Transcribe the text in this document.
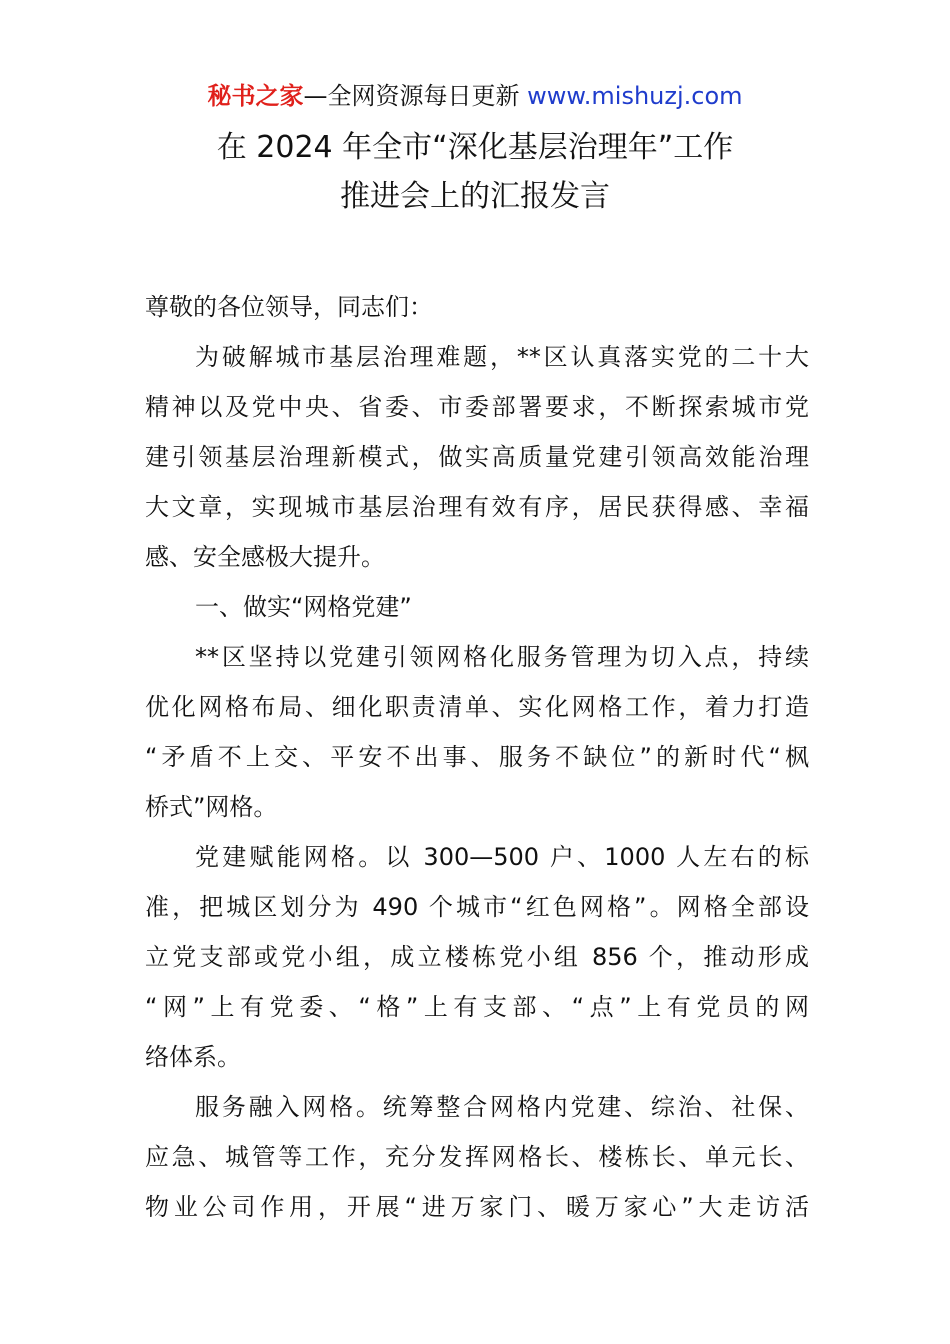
秘书之家—全网资源每日更新 www.mishuzj.com
在 2024 年全市“深化基层治理年”工作
推进会上的汇报发言
尊敬的各位领导，同志们：
为破解城市基层治理难题，**区认真落实党的二十大
精神以及党中央、省委、市委部署要求，不断探索城市党
建引领基层治理新模式，做实高质量党建引领高效能治理
大文章，实现城市基层治理有效有序，居民获得感、幸福
感、安全感极大提升。
一、做实“网格党建”
**区坚持以党建引领网格化服务管理为切入点，持续
优化网格布局、细化职责清单、实化网格工作，着力打造
“矛盾不上交、平安不出事、服务不缺位”的新时代“枫
桥式”网格。
党建赋能网格。以 300—500 户、1000 人左右的标
准，把城区划分为 490 个城市“红色网格”。网格全部设
立党支部或党小组，成立楼栋党小组 856 个，推动形成
“网”上有党委、“格”上有支部、“点”上有党员的网
络体系。
服务融入网格。统筹整合网格内党建、综治、社保、
应急、城管等工作，充分发挥网格长、楼栋长、单元长、
物业公司作用，开展“进万家门、暖万家心”大走访活
